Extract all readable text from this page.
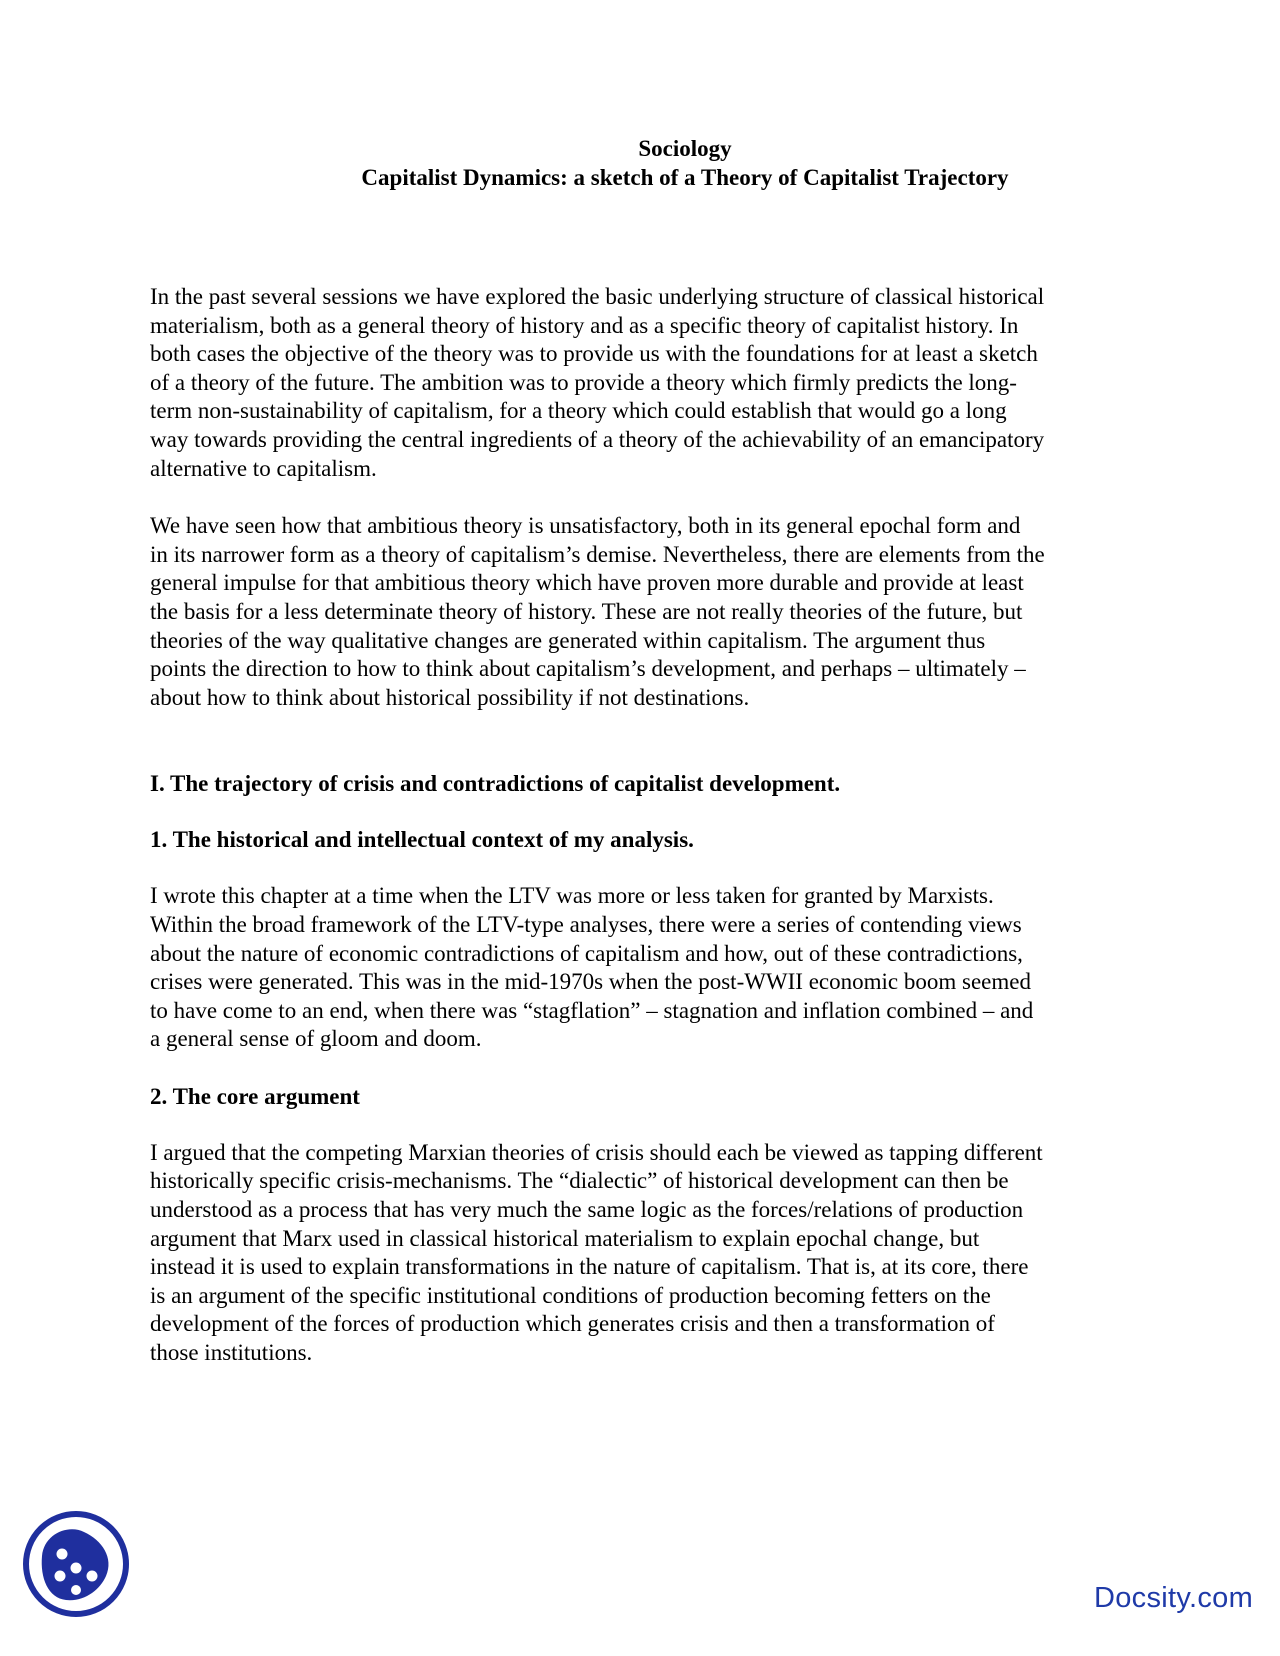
Sociology
Capitalist Dynamics: a sketch of a Theory of Capitalist Trajectory

In the past several sessions we have explored the basic underlying structure of classical historical
materialism, both as a general theory of history and as a specific theory of capitalist history. In
both cases the objective of the theory was to provide us with the foundations for at least a sketch
of a theory of the future. The ambition was to provide a theory which firmly predicts the long-
term non-sustainability of capitalism, for a theory which could establish that would go a long
way towards providing the central ingredients of a theory of the achievability of an emancipatory
alternative to capitalism.

We have seen how that ambitious theory is unsatisfactory, both in its general epochal form and
in its narrower form as a theory of capitalism’s demise. Nevertheless, there are elements from the
general impulse for that ambitious theory which have proven more durable and provide at least
the basis for a less determinate theory of history. These are not really theories of the future, but
theories of the way qualitative changes are generated within capitalism. The argument thus
points the direction to how to think about capitalism’s development, and perhaps – ultimately –
about how to think about historical possibility if not destinations.

I. The trajectory of crisis and contradictions of capitalist development.

1. The historical and intellectual context of my analysis.

I wrote this chapter at a time when the LTV was more or less taken for granted by Marxists.
Within the broad framework of the LTV-type analyses, there were a series of contending views
about the nature of economic contradictions of capitalism and how, out of these contradictions,
crises were generated. This was in the mid-1970s when the post-WWII economic boom seemed
to have come to an end, when there was “stagflation” – stagnation and inflation combined – and
a general sense of gloom and doom.

2. The core argument

I argued that the competing Marxian theories of crisis should each be viewed as tapping different
historically specific crisis-mechanisms. The “dialectic” of historical development can then be
understood as a process that has very much the same logic as the forces/relations of production
argument that Marx used in classical historical materialism to explain epochal change, but
instead it is used to explain transformations in the nature of capitalism. That is, at its core, there
is an argument of the specific institutional conditions of production becoming fetters on the
development of the forces of production which generates crisis and then a transformation of
those institutions.

Docsity.com
